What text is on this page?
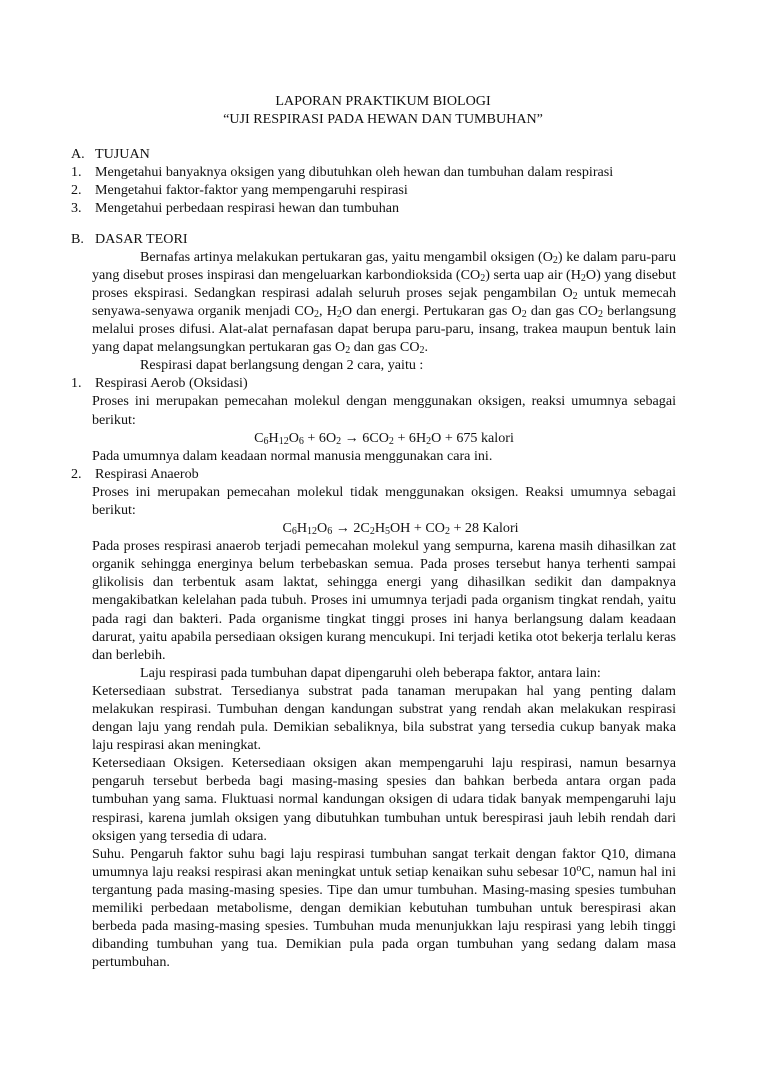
LAPORAN PRAKTIKUM BIOLOGI
“UJI RESPIRASI PADA HEWAN DAN TUMBUHAN”
A. TUJUAN
1. Mengetahui banyaknya oksigen yang dibutuhkan oleh hewan dan tumbuhan dalam respirasi
2. Mengetahui faktor-faktor yang mempengaruhi respirasi
3. Mengetahui perbedaan respirasi hewan dan tumbuhan
B. DASAR TEORI

Bernafas artinya melakukan pertukaran gas, yaitu mengambil oksigen $(O_2)$ ke dalam paru-paru yang disebut proses inspirasi dan mengeluarkan karbondioksida $(CO_2)$ serta uap air $(H_2O)$ yang disebut proses ekspirasi. Sedangkan respirasi adalah seluruh proses sejak pengambilan $O_2$ untuk memecah senyawa-senyawa organik menjadi $CO_2$, $H_2O$ dan energi. Pertukaran gas $O_2$ dan gas $CO_2$ berlangsung melalui proses difusi. Alat-alat pernafasan dapat berupa paru-paru, insang, trakea maupun bentuk lain yang dapat melangsungkan pertukaran gas $O_2$ dan gas $CO_2$.

Respirasi dapat berlangsung dengan 2 cara, yaitu :

1. Respirasi Aerob (Oksidasi)

Proses ini merupakan pemecahan molekul dengan menggunakan oksigen, reaksi umumnya sebagai berikut:

$C_6H_{12}O_6 + 6O_2 \to 6CO_2 + 6H_2O + 675$ kalori

Pada umumnya dalam keadaan normal manusia menggunakan cara ini.

2. Respirasi Anaerob

Proses ini merupakan pemecahan molekul tidak menggunakan oksigen. Reaksi umumnya sebagai berikut:

$C_6H_{12}O_6 \to 2C_2H_5OH + CO_2 + 28$ Kalori

Pada proses respirasi anaerob terjadi pemecahan molekul yang sempurna, karena masih dihasilkan zat organik sehingga energinya belum terbebaskan semua. Pada proses tersebut hanya terhenti sampai glikolisis dan terbentuk asam laktat, sehingga energi yang dihasilkan sedikit dan dampaknya mengakibatkan kelelahan pada tubuh. Proses ini umumnya terjadi pada organism tingkat rendah, yaitu pada ragi dan bakteri. Pada organisme tingkat tinggi proses ini hanya berlangsung dalam keadaan darurat, yaitu apabila persediaan oksigen kurang mencukupi. Ini terjadi ketika otot bekerja terlalu keras dan berlebih.

Laju respirasi pada tumbuhan dapat dipengaruhi oleh beberapa faktor, antara lain:

Ketersediaan substrat. Tersedianya substrat pada tanaman merupakan hal yang penting dalam melakukan respirasi. Tumbuhan dengan kandungan substrat yang rendah akan melakukan respirasi dengan laju yang rendah pula. Demikian sebaliknya, bila substrat yang tersedia cukup banyak maka laju respirasi akan meningkat.

Ketersediaan Oksigen. Ketersediaan oksigen akan mempengaruhi laju respirasi, namun besarnya pengaruh tersebut berbeda bagi masing-masing spesies dan bahkan berbeda antara organ pada tumbuhan yang sama. Fluktuasi normal kandungan oksigen di udara tidak banyak mempengaruhi laju respirasi, karena jumlah oksigen yang dibutuhkan tumbuhan untuk berespirasi jauh lebih rendah dari oksigen yang tersedia di udara.

Suhu. Pengaruh faktor suhu bagi laju respirasi tumbuhan sangat terkait dengan faktor Q10, dimana umumnya laju reaksi respirasi akan meningkat untuk setiap kenaikan suhu sebesar 10$^o$C, namun hal ini tergantung pada masing-masing spesies. Tipe dan umur tumbuhan. Masing-masing spesies tumbuhan memiliki perbedaan metabolisme, dengan demikian kebutuhan tumbuhan untuk berespirasi akan berbeda pada masing-masing spesies. Tumbuhan muda menunjukkan laju respirasi yang lebih tinggi dibanding tumbuhan yang tua. Demikian pula pada organ tumbuhan yang sedang dalam masa pertumbuhan.
